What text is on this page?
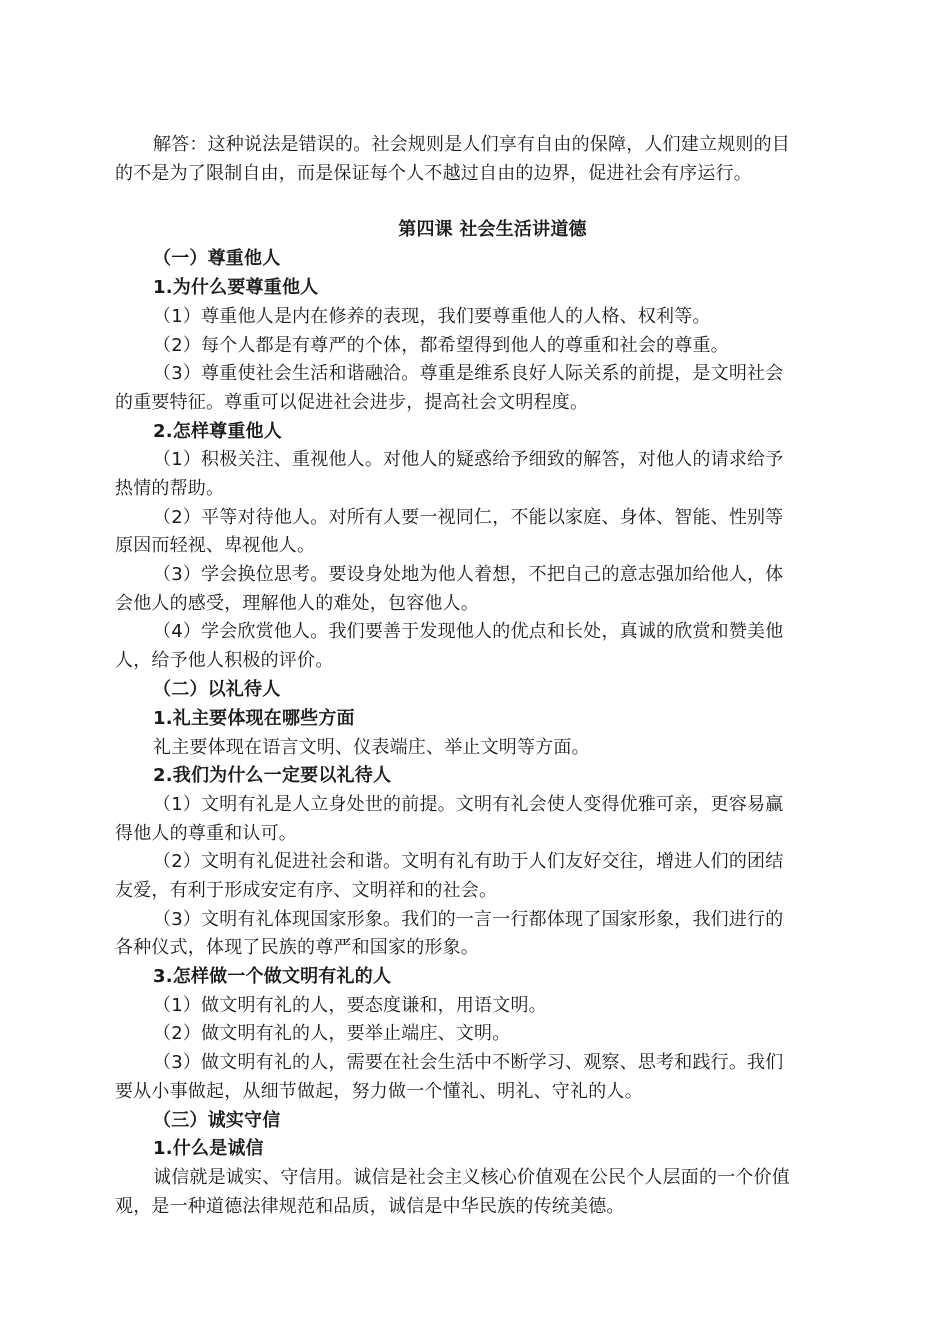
解答：这种说法是错误的。社会规则是人们享有自由的保障，人们建立规则的目
的不是为了限制自由，而是保证每个人不越过自由的边界，促进社会有序运行。
第四课 社会生活讲道德
（一）尊重他人
1.为什么要尊重他人
（1）尊重他人是内在修养的表现，我们要尊重他人的人格、权利等。
（2）每个人都是有尊严的个体，都希望得到他人的尊重和社会的尊重。
（3）尊重使社会生活和谐融洽。尊重是维系良好人际关系的前提，是文明社会
的重要特征。尊重可以促进社会进步，提高社会文明程度。
2.怎样尊重他人
（1）积极关注、重视他人。对他人的疑惑给予细致的解答，对他人的请求给予
热情的帮助。
（2）平等对待他人。对所有人要一视同仁，不能以家庭、身体、智能、性别等
原因而轻视、卑视他人。
（3）学会换位思考。要设身处地为他人着想，不把自己的意志强加给他人，体
会他人的感受，理解他人的难处，包容他人。
（4）学会欣赏他人。我们要善于发现他人的优点和长处，真诚的欣赏和赞美他
人，给予他人积极的评价。
（二）以礼待人
1.礼主要体现在哪些方面
礼主要体现在语言文明、仪表端庄、举止文明等方面。
2.我们为什么一定要以礼待人
（1）文明有礼是人立身处世的前提。文明有礼会使人变得优雅可亲，更容易赢
得他人的尊重和认可。
（2）文明有礼促进社会和谐。文明有礼有助于人们友好交往，增进人们的团结
友爱，有利于形成安定有序、文明祥和的社会。
（3）文明有礼体现国家形象。我们的一言一行都体现了国家形象，我们进行的
各种仪式，体现了民族的尊严和国家的形象。
3.怎样做一个做文明有礼的人
（1）做文明有礼的人，要态度谦和，用语文明。
（2）做文明有礼的人，要举止端庄、文明。
（3）做文明有礼的人，需要在社会生活中不断学习、观察、思考和践行。我们
要从小事做起，从细节做起，努力做一个懂礼、明礼、守礼的人。
（三）诚实守信
1.什么是诚信
诚信就是诚实、守信用。诚信是社会主义核心价值观在公民个人层面的一个价值
观，是一种道德法律规范和品质，诚信是中华民族的传统美德。
